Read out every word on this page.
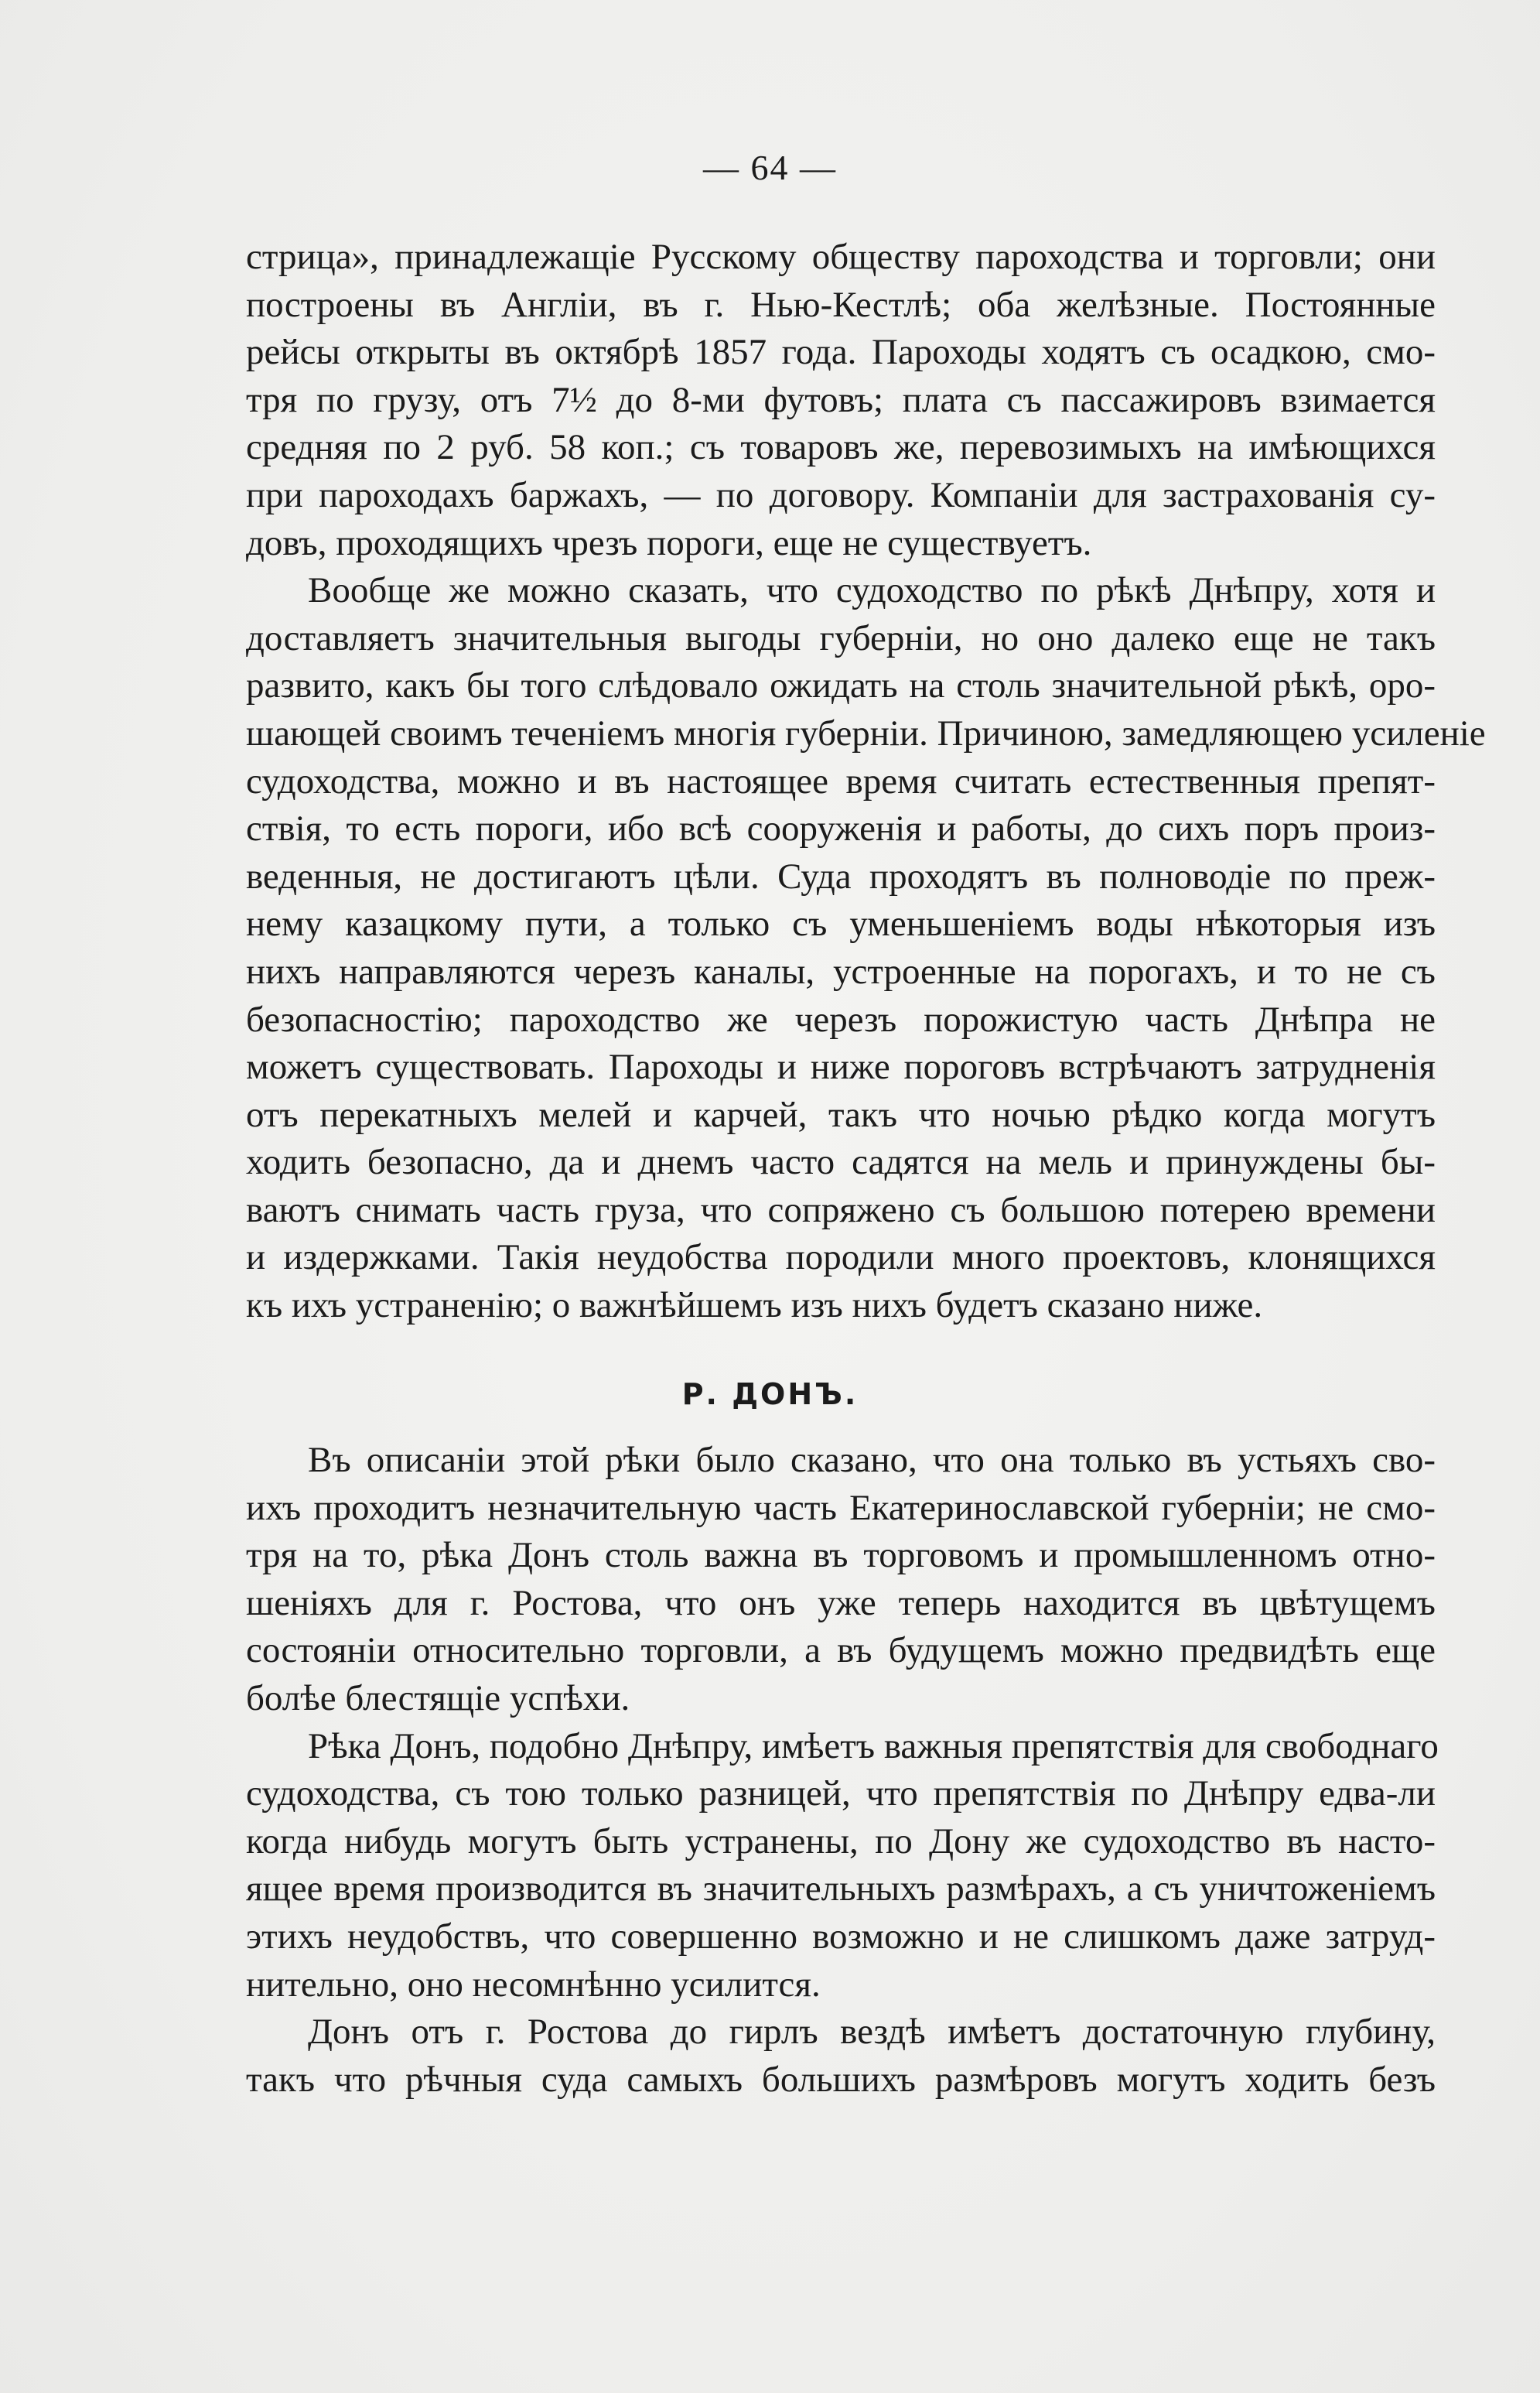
— 64 —
стрица», принадлежащіе Русскому обществу пароходства и торговли; они
построены въ Англіи, въ г. Нью-Кестлѣ; оба желѣзные. Постоянные
рейсы открыты въ октябрѣ 1857 года. Пароходы ходятъ съ осадкою, смо-
тря по грузу, отъ 7½ до 8-ми футовъ; плата съ пассажировъ взимается
средняя по 2 руб. 58 коп.; съ товаровъ же, перевозимыхъ на имѣющихся
при пароходахъ баржахъ, — по договору. Компаніи для застрахованія су-
довъ, проходящихъ чрезъ пороги, еще не существуетъ.
Вообще же можно сказать, что судоходство по рѣкѣ Днѣпру, хотя и
доставляетъ значительныя выгоды губерніи, но оно далеко еще не такъ
развито, какъ бы того слѣдовало ожидать на столь значительной рѣкѣ, оро-
шающей своимъ теченіемъ многія губерніи. Причиною, замедляющею усиленіе
судоходства, можно и въ настоящее время считать естественныя препят-
ствія, то есть пороги, ибо всѣ сооруженія и работы, до сихъ поръ произ-
веденныя, не достигаютъ цѣли. Суда проходятъ въ полноводіе по преж-
нему казацкому пути, а только съ уменьшеніемъ воды нѣкоторыя изъ
нихъ направляются черезъ каналы, устроенные на порогахъ, и то не съ
безопасностію; пароходство же черезъ порожистую часть Днѣпра не
можетъ существовать. Пароходы и ниже пороговъ встрѣчаютъ затрудненія
отъ перекатныхъ мелей и карчей, такъ что ночью рѣдко когда могутъ
ходить безопасно, да и днемъ часто садятся на мель и принуждены бы-
ваютъ снимать часть груза, что сопряжено съ большою потерею времени
и издержками. Такія неудобства породили много проектовъ, клонящихся
къ ихъ устраненію; о важнѣйшемъ изъ нихъ будетъ сказано ниже.
Р. ДОНЪ.
Въ описаніи этой рѣки было сказано, что она только въ устьяхъ сво-
ихъ проходитъ незначительную часть Екатеринославской губерніи; не смо-
тря на то, рѣка Донъ столь важна въ торговомъ и промышленномъ отно-
шеніяхъ для г. Ростова, что онъ уже теперь находится въ цвѣтущемъ
состояніи относительно торговли, а въ будущемъ можно предвидѣть еще
болѣе блестящіе успѣхи.
Рѣка Донъ, подобно Днѣпру, имѣетъ важныя препятствія для свободнаго
судоходства, съ тою только разницей, что препятствія по Днѣпру едва-ли
когда нибудь могутъ быть устранены, по Дону же судоходство въ насто-
ящее время производится въ значительныхъ размѣрахъ, а съ уничтоженіемъ
этихъ неудобствъ, что совершенно возможно и не слишкомъ даже затруд-
нительно, оно несомнѣнно усилится.
Донъ отъ г. Ростова до гирлъ вездѣ имѣетъ достаточную глубину,
такъ что рѣчныя суда самыхъ большихъ размѣровъ могутъ ходить безъ
